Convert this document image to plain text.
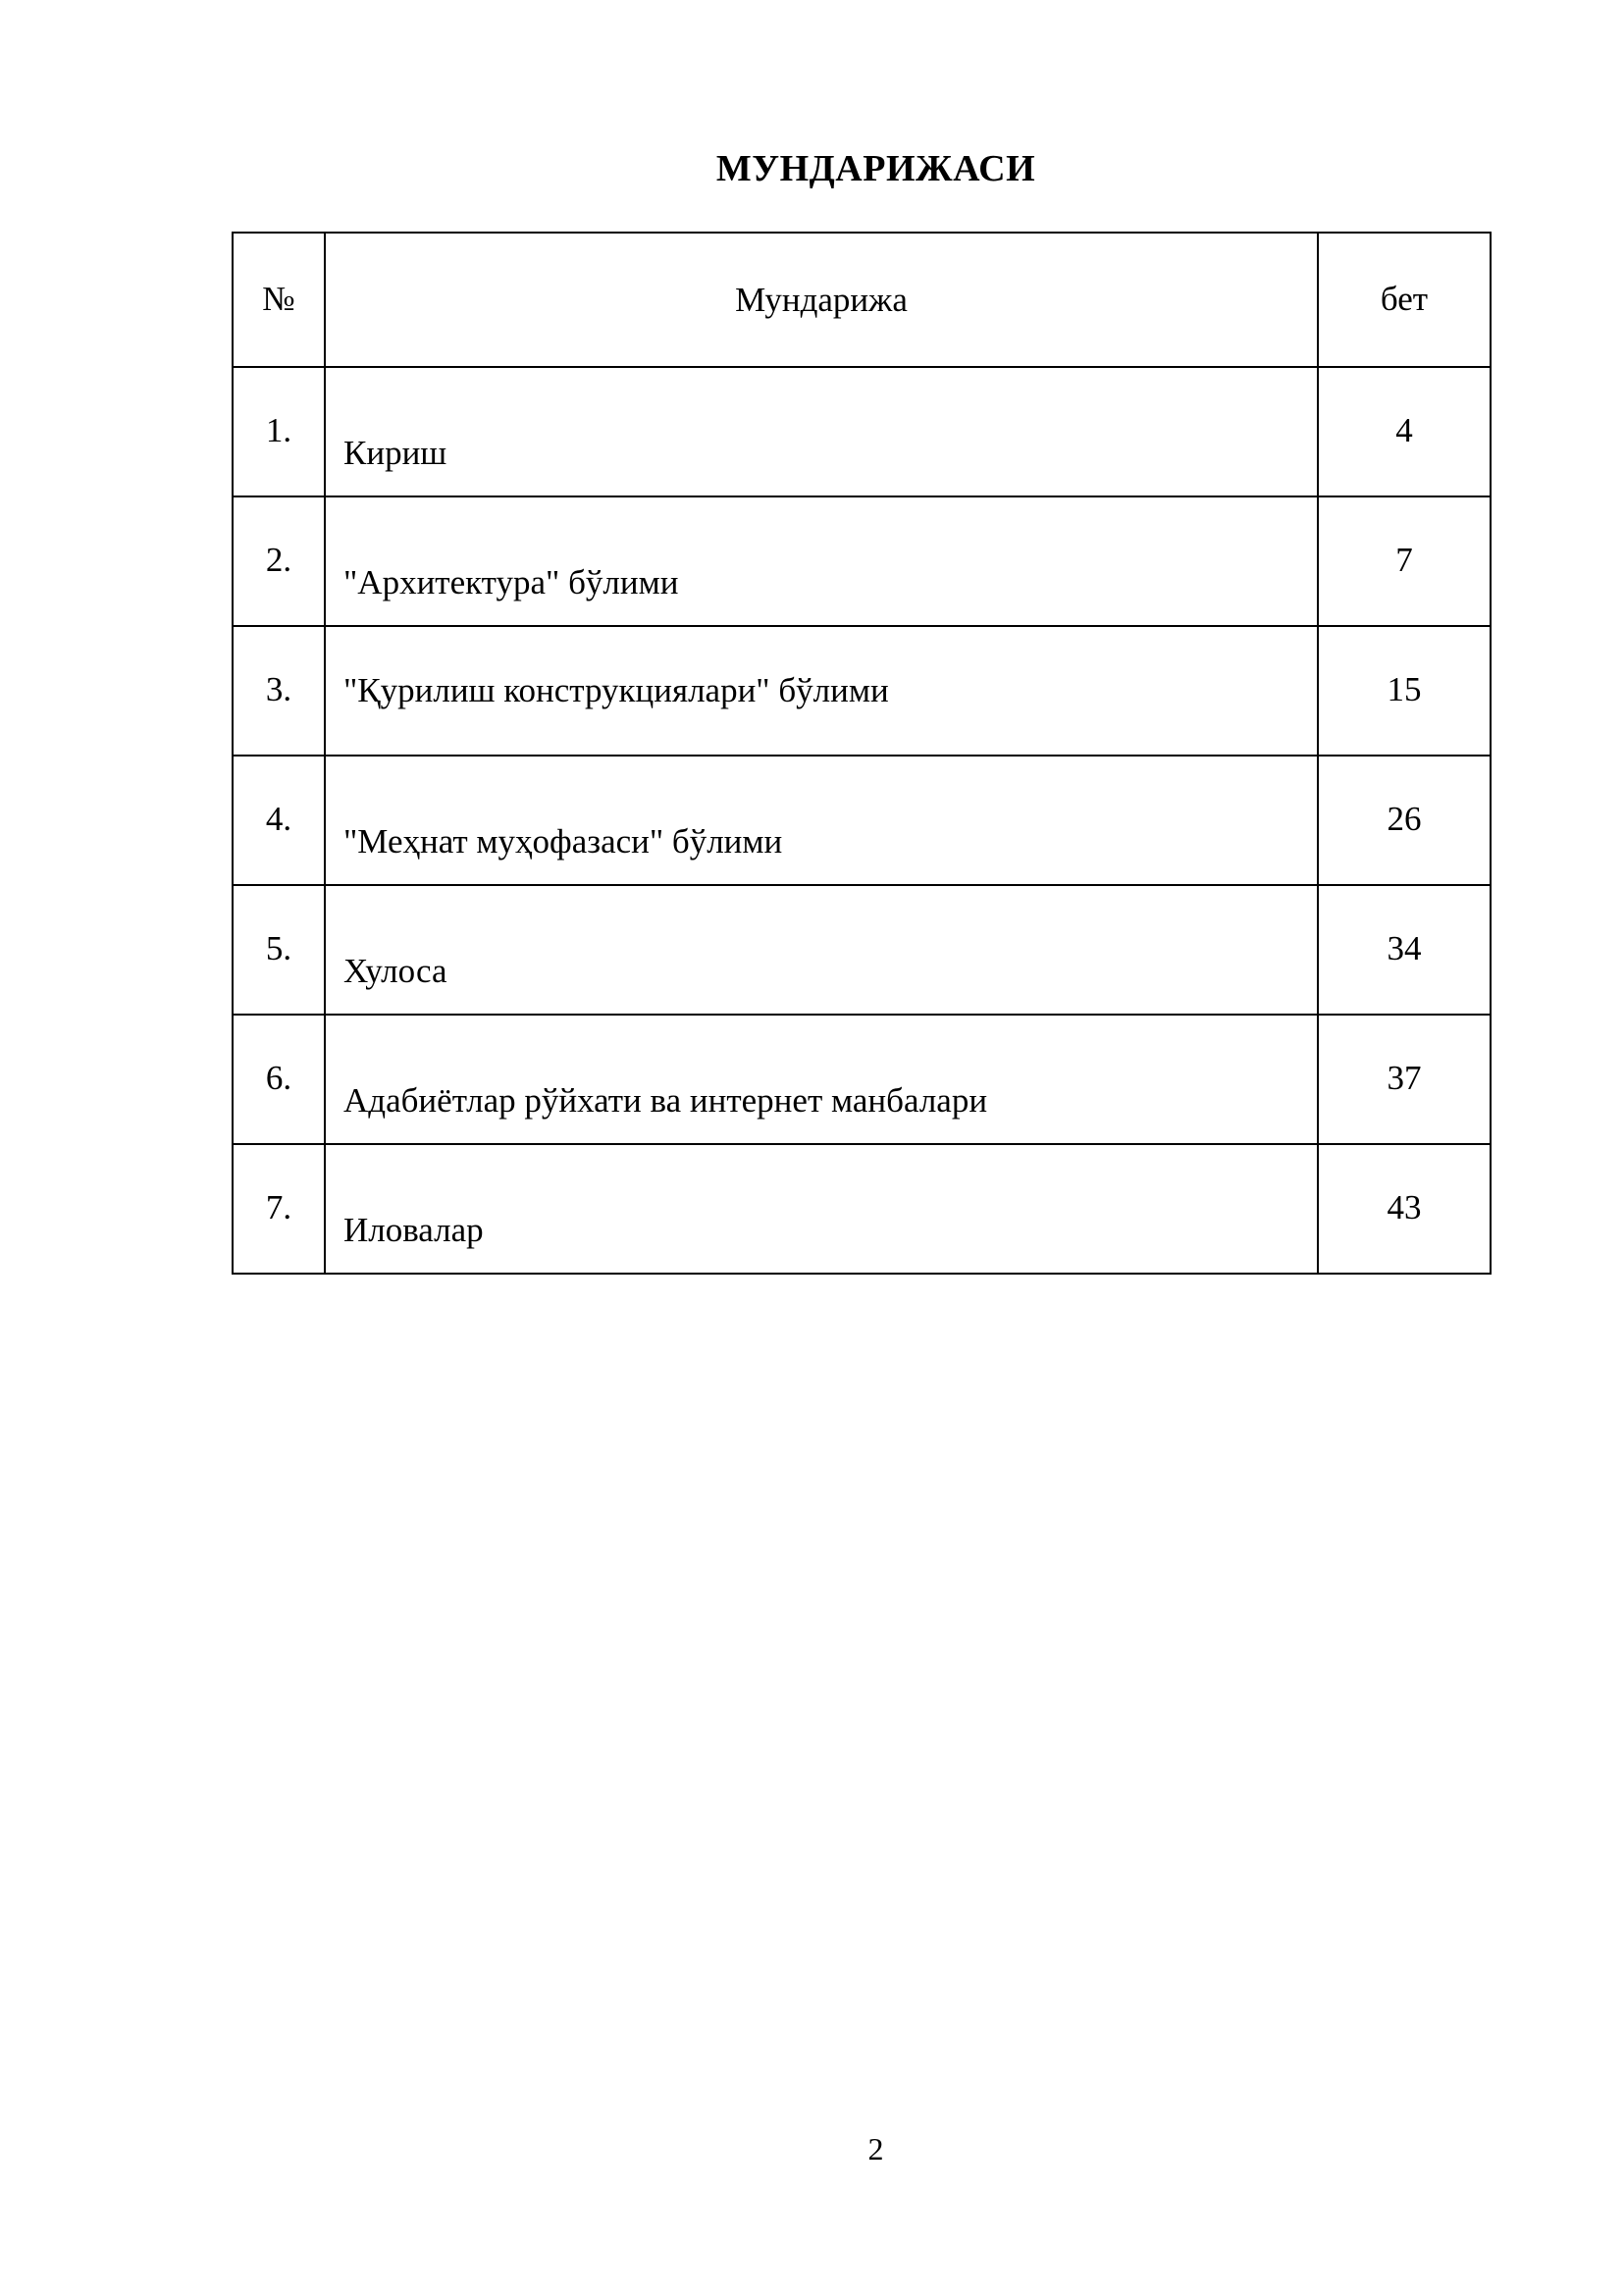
МУНДАРИЖАСИ
№	Мундарижа	бет
1.	Кириш	4
2.	"Архитектура" бўлими	7
3.	"Қурилиш конструкциялари" бўлими	15
4.	"Меҳнат муҳофазаси" бўлими	26
5.	Хулоса	34
6.	Адабиётлар рўйхати ва интернет манбалари	37
7.	Иловалар	43
2
